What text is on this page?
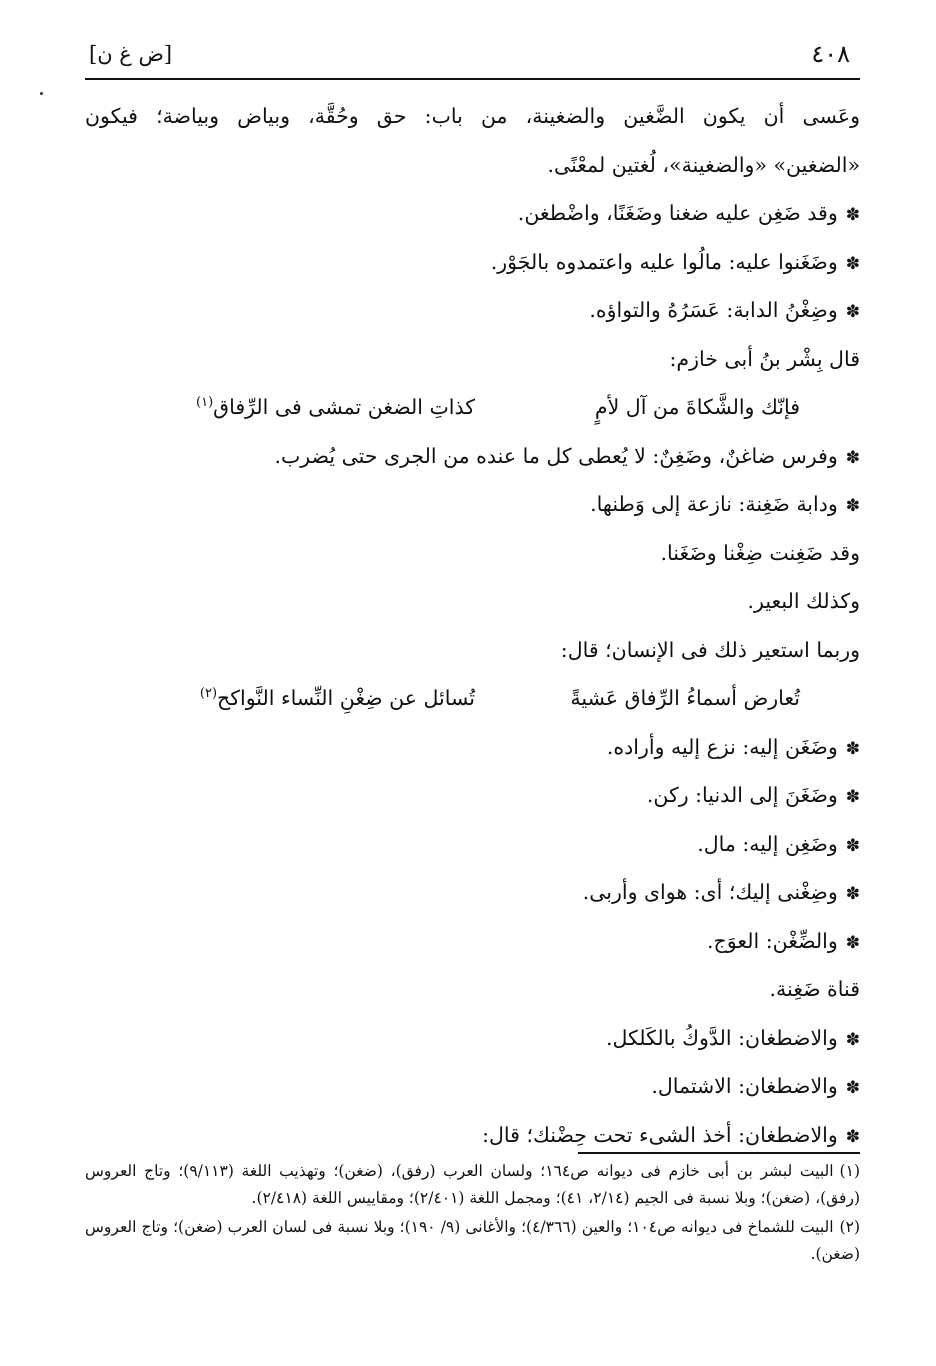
٤٠٨
[ض غ ن]
وعَسى أن يكون الضَّغين والضغينة، من باب: حق وحُقَّة، وبياض وبياضة؛ فيكون
«الضغين» «والضغينة»، لُغتين لمعْنًى.
✽ وقد ضَغِن عليه ضغنا وضَغَنًا، واضْطغن.
✽ وضَغَنوا عليه: مالُوا عليه واعتمدوه بالجَوْر.
✽ وضِغْنُ الدابة: عَسَرُهُ والتواؤه.
قال بِشْر بنُ أبى خازم:
فإنّك والشَّكاةَ من آل لأمٍ
كذاتِ الضغن تمشى فى الرِّفاق$^{(١)}$
✽ وفرس ضاغنٌ، وضَغِنٌ: لا يُعطى كل ما عنده من الجرى حتى يُضرب.
✽ ودابة ضَغِنة: نازعة إلى وَطنها.
وقد ضَغِنت ضِغْنا وضَغَنا.
وكذلك البعير.
وربما استعير ذلك فى الإنسان؛ قال:
تُعارض أسماءُ الرِّفاق عَشيةً
تُسائل عن ضِغْنِ النِّساء النَّواكح$^{(٢)}$
✽ وضَغَن إليه: نزع إليه وأراده.
✽ وضَغَنَ إلى الدنيا: ركن.
✽ وضَغِن إليه: مال.
✽ وضِغْنى إليك؛ أى: هواى وأربى.
✽ والضِّغْن: العوَج.
قناة ضَغِنة.
✽ والاضطغان: الدَّوكُ بالكَلكل.
✽ والاضطغان: الاشتمال.
✽ والاضطغان: أخذ الشىء تحت حِضْنك؛ قال:
(١)البيت لبشر بن أبى خازم فى ديوانه ص١٦٤؛ ولسان العرب (رفق)، (ضغن)؛ وتهذيب اللغة (٩/١١٣)؛ وتاج العروس (رفق)، (ضغن)؛ وبلا نسبة فى الجيم (٢/١٤، ٤١)؛ ومجمل اللغة (٢/٤٠١)؛ ومقاييس اللغة (٢/٤١٨).
(٢)البيت للشماخ فى ديوانه ص١٠٤؛ والعين (٤/٣٦٦)؛ والأغانى (٩/ ١٩٠)؛ وبلا نسبة فى لسان العرب (ضغن)؛ وتاج العروس (ضغن).
